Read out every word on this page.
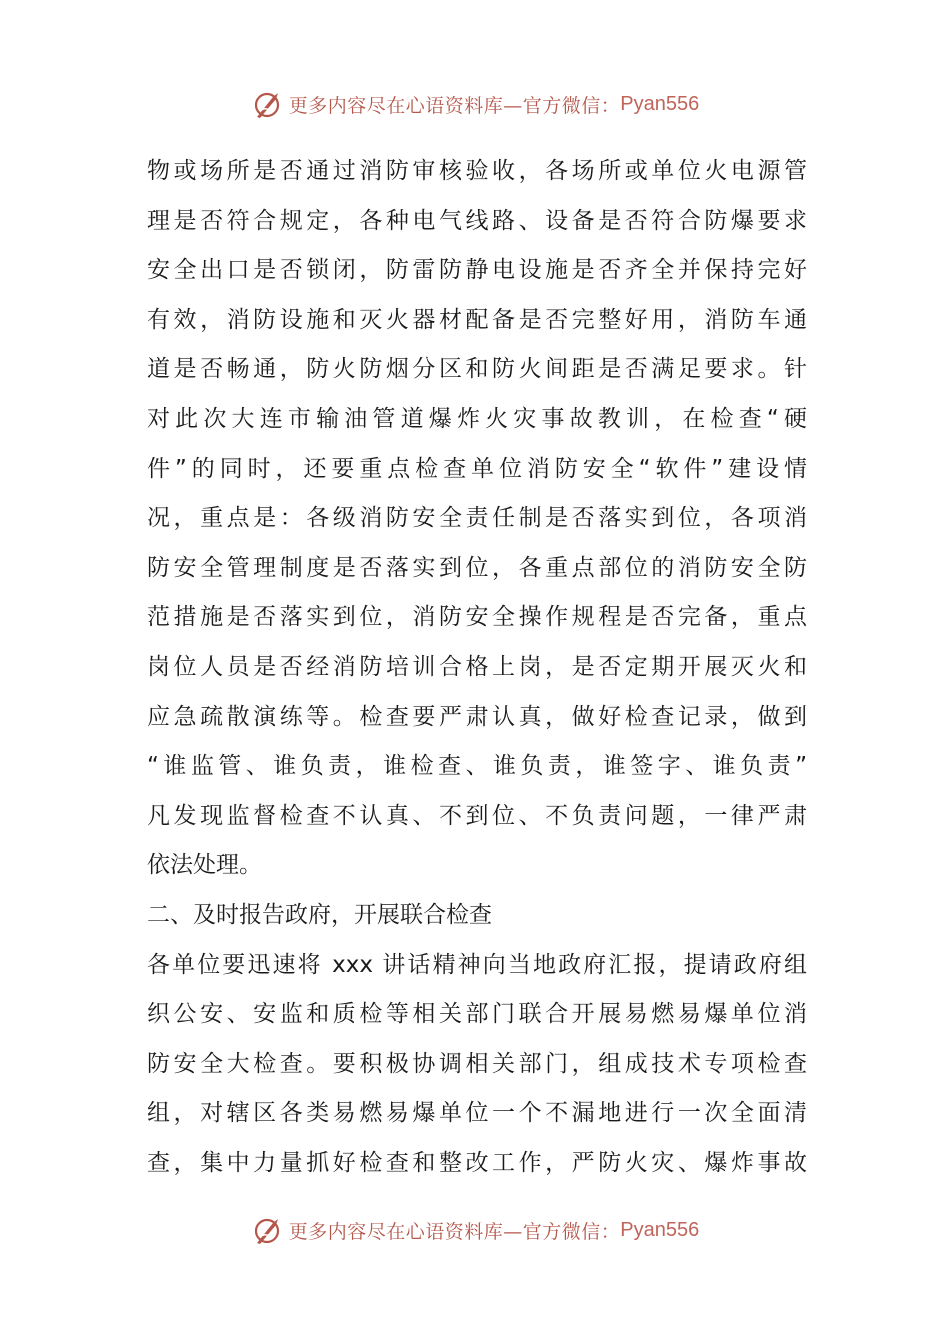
更多内容尽在心语资料库—官方微信： Pyan556
物或场所是否通过消防审核验收，各场所或单位火电源管
理是否符合规定，各种电气线路、设备是否符合防爆要求
安全出口是否锁闭，防雷防静电设施是否齐全并保持完好
有效，消防设施和灭火器材配备是否完整好用，消防车通
道是否畅通，防火防烟分区和防火间距是否满足要求。针
对此次大连市输油管道爆炸火灾事故教训，在检查“硬
件”的同时，还要重点检查单位消防安全“软件”建设情
况，重点是：各级消防安全责任制是否落实到位，各项消
防安全管理制度是否落实到位，各重点部位的消防安全防
范措施是否落实到位，消防安全操作规程是否完备，重点
岗位人员是否经消防培训合格上岗，是否定期开展灭火和
应急疏散演练等。检查要严肃认真，做好检查记录，做到
“谁监管、谁负责，谁检查、谁负责，谁签字、谁负责”
凡发现监督检查不认真、不到位、不负责问题，一律严肃
依法处理。
二、及时报告政府，开展联合检查
各单位要迅速将 xxx 讲话精神向当地政府汇报，提请政府组
织公安、安监和质检等相关部门联合开展易燃易爆单位消
防安全大检查。要积极协调相关部门，组成技术专项检查
组，对辖区各类易燃易爆单位一个不漏地进行一次全面清
查，集中力量抓好检查和整改工作，严防火灾、爆炸事故
更多内容尽在心语资料库—官方微信： Pyan556
